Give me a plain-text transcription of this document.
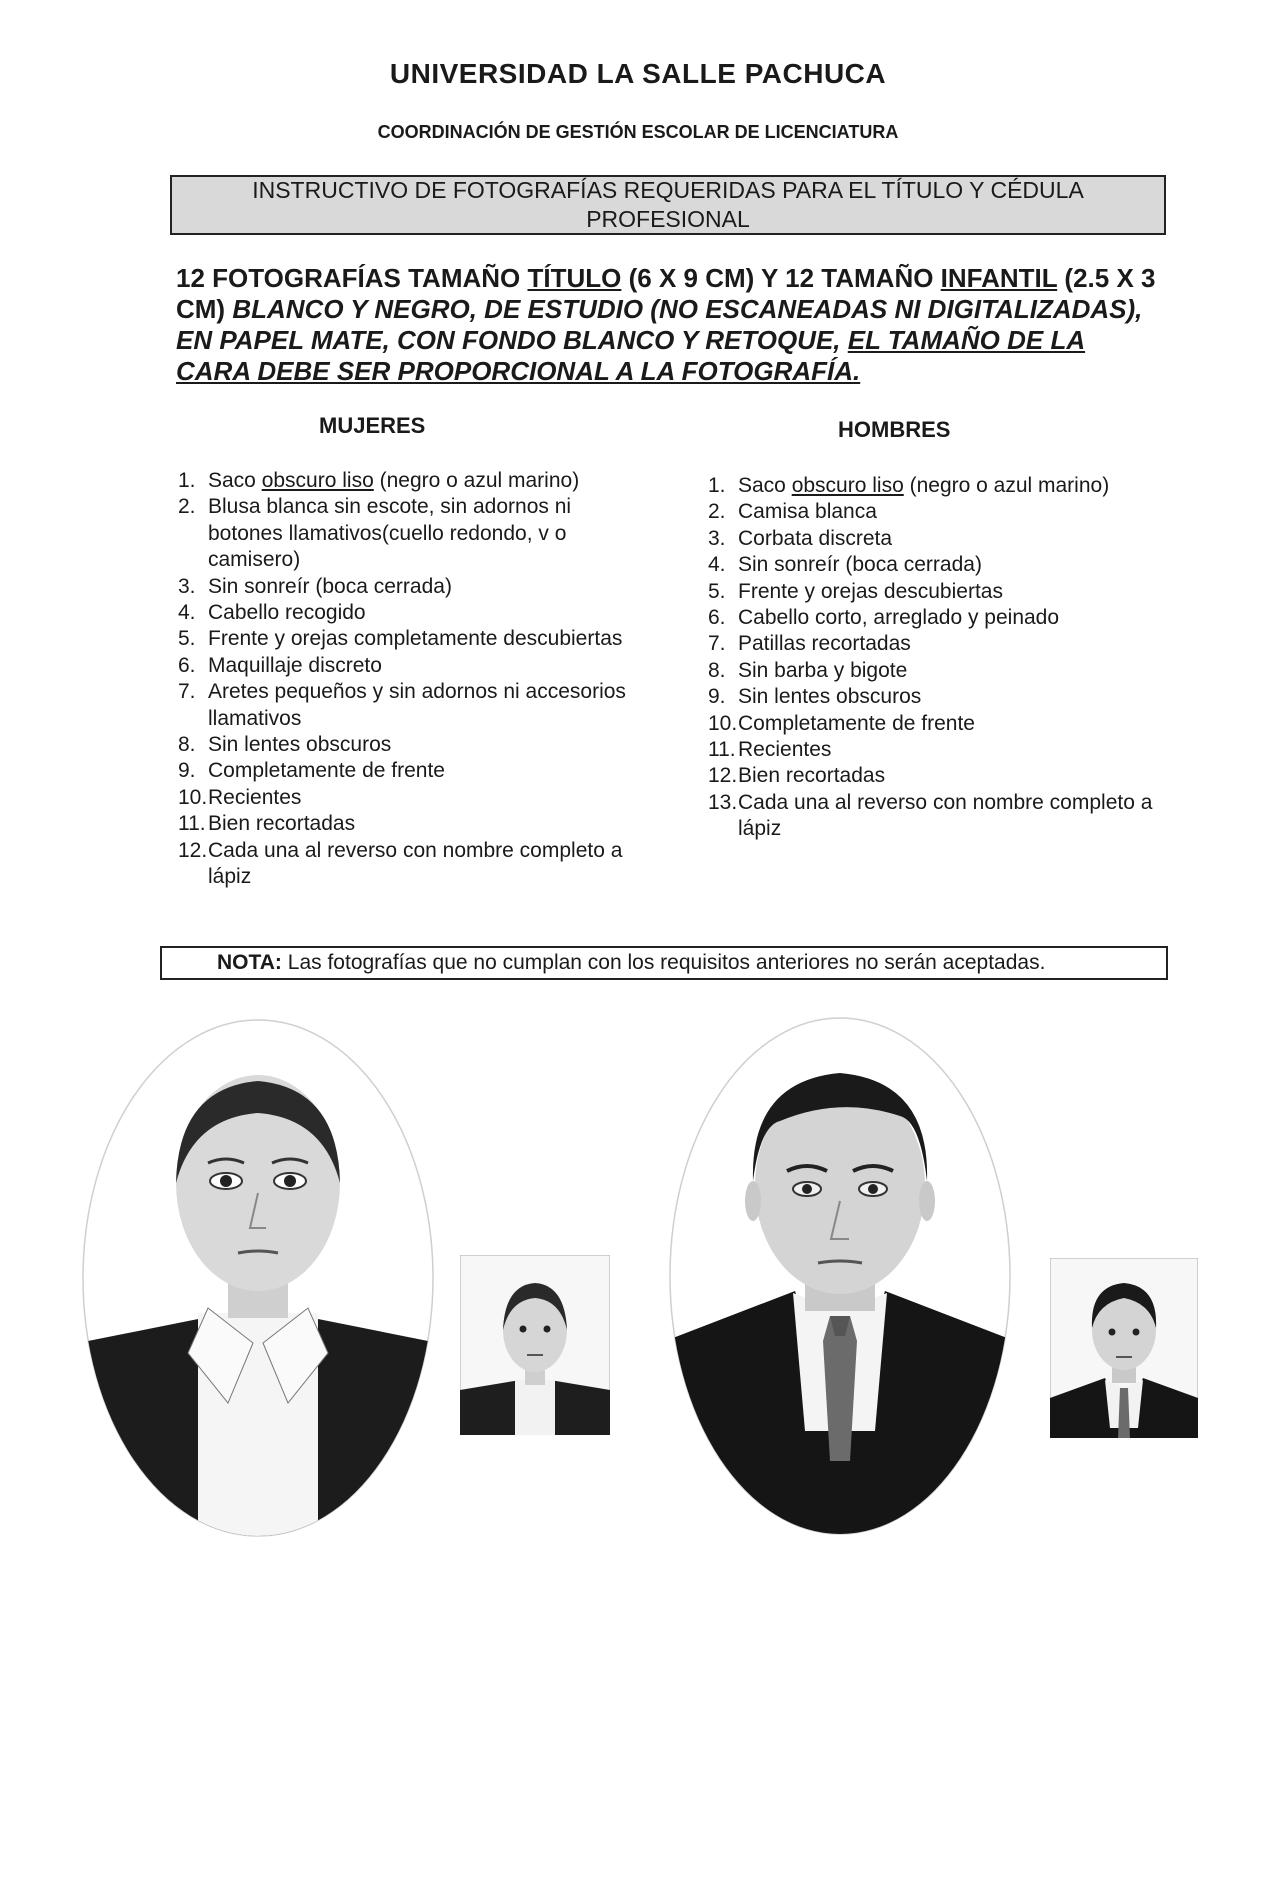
UNIVERSIDAD LA SALLE PACHUCA
COORDINACIÓN DE GESTIÓN ESCOLAR DE LICENCIATURA
INSTRUCTIVO DE FOTOGRAFÍAS REQUERIDAS PARA EL TÍTULO Y CÉDULA PROFESIONAL
12 FOTOGRAFÍAS TAMAÑO TÍTULO (6 X 9 CM) Y 12 TAMAÑO INFANTIL (2.5 X 3 CM) BLANCO Y NEGRO, DE ESTUDIO (NO ESCANEADAS NI DIGITALIZADAS), EN PAPEL MATE, CON FONDO BLANCO Y RETOQUE, EL TAMAÑO DE LA CARA DEBE SER PROPORCIONAL A LA FOTOGRAFÍA.
MUJERES	HOMBRES
1. Saco obscuro liso (negro o azul marino)
2. Blusa blanca sin escote, sin adornos ni botones llamativos(cuello redondo, v o camisero)
3. Sin sonreír (boca cerrada)
4. Cabello recogido
5. Frente y orejas completamente descubiertas
6. Maquillaje discreto
7. Aretes pequeños y sin adornos ni accesorios llamativos
8. Sin lentes obscuros
9. Completamente de frente
10. Recientes
11. Bien recortadas
12. Cada una al reverso con nombre completo a lápiz
1. Saco obscuro liso (negro o azul marino)
2. Camisa blanca
3. Corbata discreta
4. Sin sonreír (boca cerrada)
5. Frente y orejas descubiertas
6. Cabello corto, arreglado y peinado
7. Patillas recortadas
8. Sin barba y bigote
9. Sin lentes obscuros
10. Completamente de frente
11. Recientes
12. Bien recortadas
13. Cada una al reverso con nombre completo a lápiz
NOTA: Las fotografías que no cumplan con los requisitos anteriores no serán aceptadas.
